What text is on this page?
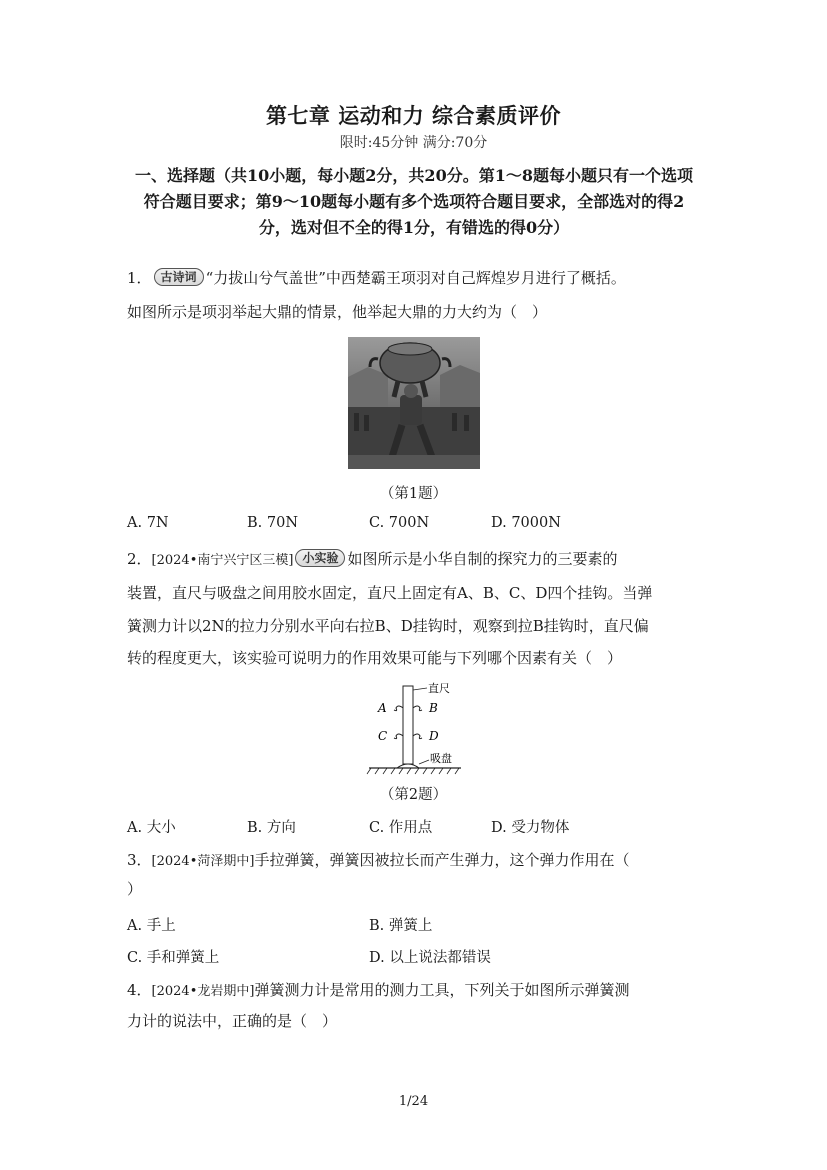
第七章 运动和力 综合素质评价
限时:45分钟 满分:70分
一、选择题（共10小题，每小题2分，共20分。第1～8题每小题只有一个选项符合题目要求；第9～10题每小题有多个选项符合题目要求，全部选对的得2分，选对但不全的得1分，有错选的得0分）
1． 古诗词 “力拔山兮气盖世”中西楚霸王项羽对自己辉煌岁月进行了概括。
如图所示是项羽举起大鼎的情景，他举起大鼎的力大约为（　）
（第1题）
A. 7N	B. 70N	C. 700N	D. 7000N
2．[2024•南宁兴宁区三模] 小实验 如图所示是小华自制的探究力的三要素的
装置，直尺与吸盘之间用胶水固定，直尺上固定有A、B、C、D四个挂钩。当弹
簧测力计以2N的拉力分别水平向右拉B、D挂钩时，观察到拉B挂钩时，直尺偏
转的程度更大，该实验可说明力的作用效果可能与下列哪个因素有关（　）
直尺
A	B
C	D
吸盘
（第2题）
A. 大小	B. 方向	C. 作用点	D. 受力物体
3．[2024•菏泽期中]手拉弹簧，弹簧因被拉长而产生弹力，这个弹力作用在（
）
A. 手上	B. 弹簧上
C. 手和弹簧上	D. 以上说法都错误
4．[2024•龙岩期中]弹簧测力计是常用的测力工具，下列关于如图所示弹簧测
力计的说法中，正确的是（　）
1/24
